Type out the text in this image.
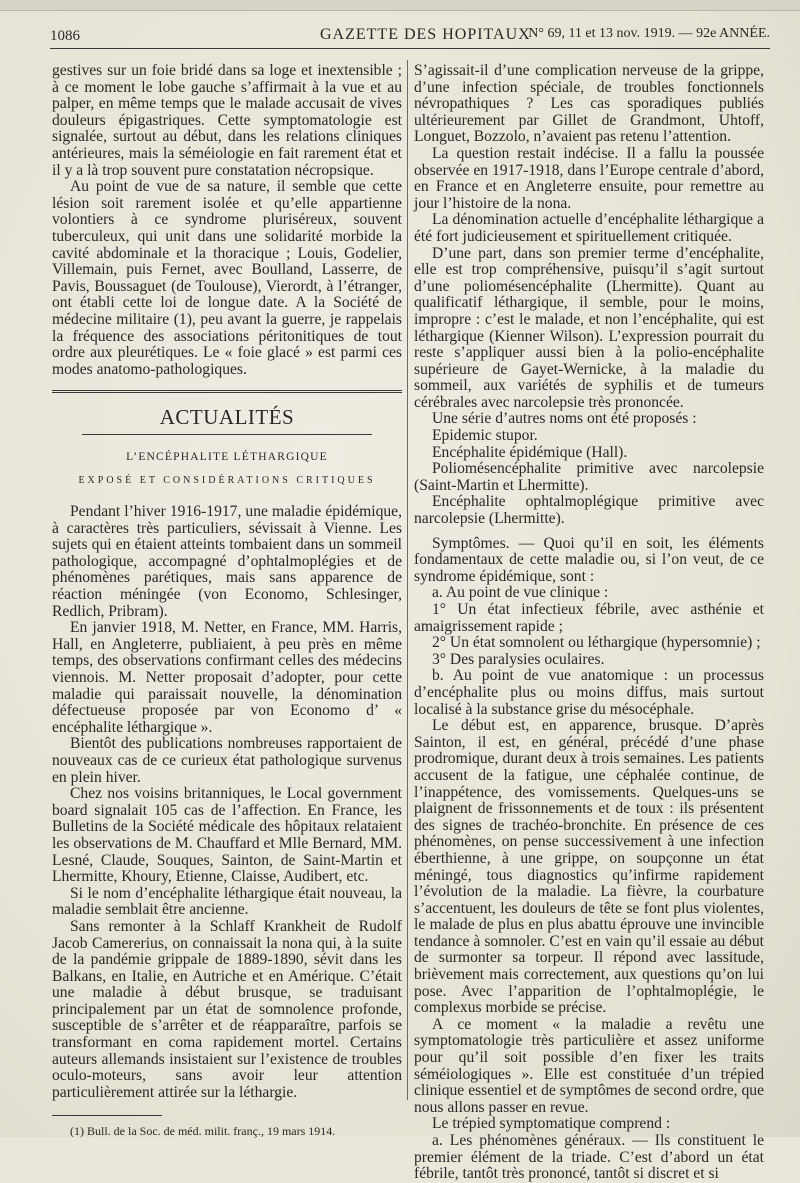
1086	GAZETTE DES HOPITAUX
N° 69, 11 et 13 nov. 1919. — 92e ANNÉE.

gestives sur un foie bridé dans sa loge et inextensible ; à ce moment le lobe gauche s’affirmait à la vue et au palper, en même temps que le malade accusait de vives douleurs épigastriques. Cette symptomatologie est signalée, surtout au début, dans les relations cliniques antérieures, mais la séméiologie en fait rarement état et il y a là trop souvent pure constatation nécropsique.

Au point de vue de sa nature, il semble que cette lésion soit rarement isolée et qu’elle appartienne volontiers à ce syndrome pluriséreux, souvent tuberculeux, qui unit dans une solidarité morbide la cavité abdominale et la thoracique ; Louis, Godelier, Villemain, puis Fernet, avec Boulland, Lasserre, de Pavis, Boussaguet (de Toulouse), Vierordt, à l’étranger, ont établi cette loi de longue date. A la Société de médecine militaire (1), peu avant la guerre, je rappelais la fréquence des associations péritonitiques de tout ordre aux pleurétiques. Le « foie glacé » est parmi ces modes anatomo-pathologiques.

ACTUALITÉS
L’ENCÉPHALITE LÉTHARGIQUE
EXPOSÉ ET CONSIDÉRATIONS CRITIQUES

Pendant l’hiver 1916-1917, une maladie épidémique, à caractères très particuliers, sévissait à Vienne. Les sujets qui en étaient atteints tombaient dans un sommeil pathologique, accompagné d’ophtalmoplégies et de phénomènes parétiques, mais sans apparence de réaction méningée (von Economo, Schlesinger, Redlich, Pribram).

En janvier 1918, M. Netter, en France, MM. Harris, Hall, en Angleterre, publiaient, à peu près en même temps, des observations confirmant celles des médecins viennois. M. Netter proposait d’adopter, pour cette maladie qui paraissait nouvelle, la dénomination défectueuse proposée par von Economo d’ « encéphalite léthargique ».

Bientôt des publications nombreuses rapportaient de nouveaux cas de ce curieux état pathologique survenus en plein hiver.

Chez nos voisins britanniques, le Local government board signalait 105 cas de l’affection. En France, les Bulletins de la Société médicale des hôpitaux relataient les observations de M. Chauffard et Mlle Bernard, MM. Lesné, Claude, Souques, Sainton, de Saint-Martin et Lhermitte, Khoury, Etienne, Claisse, Audibert, etc.

Si le nom d’encéphalite léthargique était nouveau, la maladie semblait être ancienne.

Sans remonter à la Schlaff Krankheit de Rudolf Jacob Camererius, on connaissait la nona qui, à la suite de la pandémie grippale de 1889-1890, sévit dans les Balkans, en Italie, en Autriche et en Amérique. C’était une maladie à début brusque, se traduisant principalement par un état de somnolence profonde, susceptible de s’arrêter et de réapparaître, parfois se transformant en coma rapidement mortel. Certains auteurs allemands insistaient sur l’existence de troubles oculo-moteurs, sans avoir leur attention particulièrement attirée sur la léthargie.

(1) Bull. de la Soc. de méd. milit. franç., 19 mars 1914.

S’agissait-il d’une complication nerveuse de la grippe, d’une infection spéciale, de troubles fonctionnels névropathiques ? Les cas sporadiques publiés ultérieurement par Gillet de Grandmont, Uhtoff, Longuet, Bozzolo, n’avaient pas retenu l’attention.

La question restait indécise. Il a fallu la poussée observée en 1917-1918, dans l’Europe centrale d’abord, en France et en Angleterre ensuite, pour remettre au jour l’histoire de la nona.

La dénomination actuelle d’encéphalite léthargique a été fort judicieusement et spirituellement critiquée.

D’une part, dans son premier terme d’encéphalite, elle est trop compréhensive, puisqu’il s’agit surtout d’une poliomésencéphalite (Lhermitte). Quant au qualificatif léthargique, il semble, pour le moins, impropre : c’est le malade, et non l’encéphalite, qui est léthargique (Kienner Wilson). L’expression pourrait du reste s’appliquer aussi bien à la polio-encéphalite supérieure de Gayet-Wernicke, à la maladie du sommeil, aux variétés de syphilis et de tumeurs cérébrales avec narcolepsie très prononcée.

Une série d’autres noms ont été proposés :

Epidemic stupor.

Encéphalite épidémique (Hall).

Poliomésencéphalite primitive avec narcolepsie (Saint-Martin et Lhermitte).

Encéphalite ophtalmoplégique primitive avec narcolepsie (Lhermitte).

Symptômes. — Quoi qu’il en soit, les éléments fondamentaux de cette maladie ou, si l’on veut, de ce syndrome épidémique, sont :

a. Au point de vue clinique :

1° Un état infectieux fébrile, avec asthénie et amaigrissement rapide ;

2° Un état somnolent ou léthargique (hypersomnie) ;

3° Des paralysies oculaires.

b. Au point de vue anatomique : un processus d’encéphalite plus ou moins diffus, mais surtout localisé à la substance grise du mésocéphale.

Le début est, en apparence, brusque. D’après Sainton, il est, en général, précédé d’une phase prodromique, durant deux à trois semaines. Les patients accusent de la fatigue, une céphalée continue, de l’inappétence, des vomissements. Quelques-uns se plaignent de frissonnements et de toux : ils présentent des signes de trachéo-bronchite. En présence de ces phénomènes, on pense successivement à une infection éberthienne, à une grippe, on soupçonne un état méningé, tous diagnostics qu’infirme rapidement l’évolution de la maladie. La fièvre, la courbature s’accentuent, les douleurs de tête se font plus violentes, le malade de plus en plus abattu éprouve une invincible tendance à somnoler. C’est en vain qu’il essaie au début de surmonter sa torpeur. Il répond avec lassitude, brièvement mais correctement, aux questions qu’on lui pose. Avec l’apparition de l’ophtalmoplégie, le complexus morbide se précise.

A ce moment « la maladie a revêtu une symptomatologie très particulière et assez uniforme pour qu’il soit possible d’en fixer les traits séméiologiques ». Elle est constituée d’un trépied clinique essentiel et de symptômes de second ordre, que nous allons passer en revue.

Le trépied symptomatique comprend :

a. Les phénomènes généraux. — Ils constituent le premier élément de la triade. C’est d’abord un état fébrile, tantôt très prononcé, tantôt si discret et si
